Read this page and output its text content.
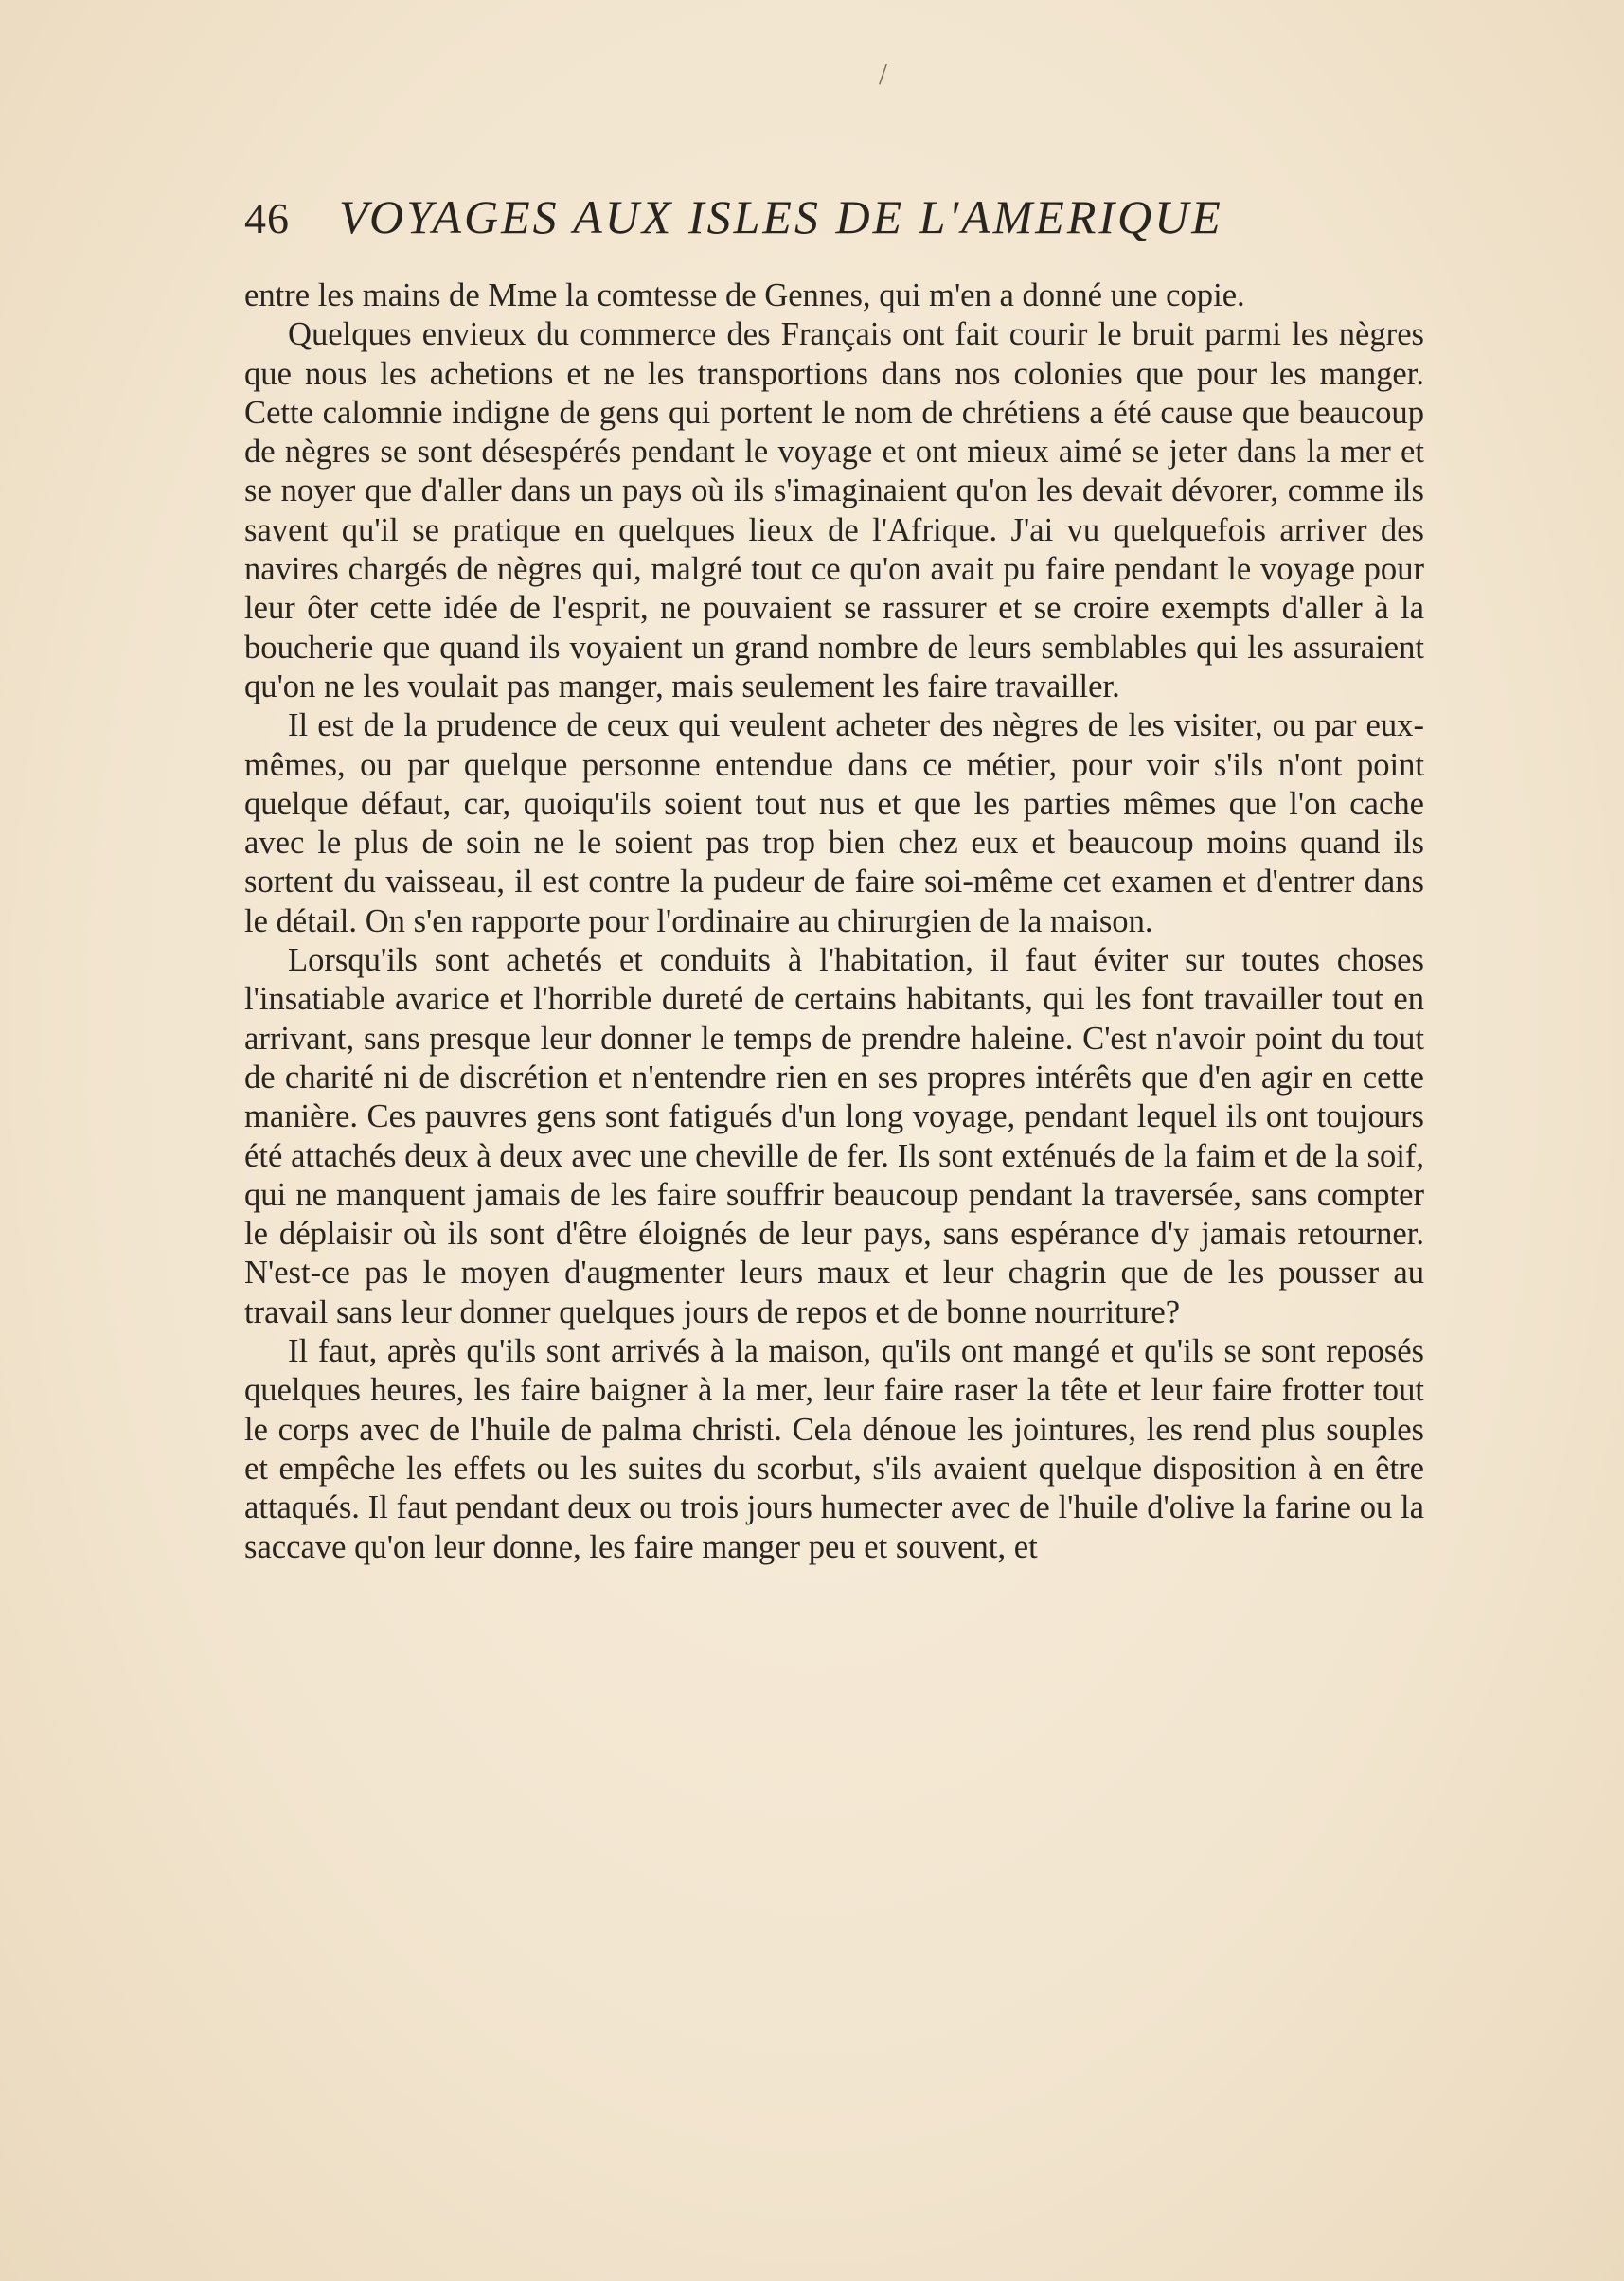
/
46	VOYAGES AUX ISLES DE L'AMERIQUE

entre les mains de Mme la comtesse de Gennes, qui m'en a donné une copie.

Quelques envieux du commerce des Français ont fait courir le bruit parmi les nègres que nous les achetions et ne les transportions dans nos colonies que pour les manger. Cette calomnie indigne de gens qui portent le nom de chrétiens a été cause que beaucoup de nègres se sont désespérés pendant le voyage et ont mieux aimé se jeter dans la mer et se noyer que d'aller dans un pays où ils s'imaginaient qu'on les devait dévorer, comme ils savent qu'il se pratique en quelques lieux de l'Afrique. J'ai vu quelquefois arriver des navires chargés de nègres qui, malgré tout ce qu'on avait pu faire pendant le voyage pour leur ôter cette idée de l'esprit, ne pouvaient se rassurer et se croire exempts d'aller à la boucherie que quand ils voyaient un grand nombre de leurs semblables qui les assuraient qu'on ne les voulait pas manger, mais seulement les faire travailler.

Il est de la prudence de ceux qui veulent acheter des nègres de les visiter, ou par eux-mêmes, ou par quelque personne entendue dans ce métier, pour voir s'ils n'ont point quelque défaut, car, quoiqu'ils soient tout nus et que les parties mêmes que l'on cache avec le plus de soin ne le soient pas trop bien chez eux et beaucoup moins quand ils sortent du vaisseau, il est contre la pudeur de faire soi-même cet examen et d'entrer dans le détail. On s'en rapporte pour l'ordinaire au chirurgien de la maison.

Lorsqu'ils sont achetés et conduits à l'habitation, il faut éviter sur toutes choses l'insatiable avarice et l'horrible dureté de certains habitants, qui les font travailler tout en arrivant, sans presque leur donner le temps de prendre haleine. C'est n'avoir point du tout de charité ni de discrétion et n'entendre rien en ses propres intérêts que d'en agir en cette manière. Ces pauvres gens sont fatigués d'un long voyage, pendant lequel ils ont toujours été attachés deux à deux avec une cheville de fer. Ils sont exténués de la faim et de la soif, qui ne manquent jamais de les faire souffrir beaucoup pendant la traversée, sans compter le déplaisir où ils sont d'être éloignés de leur pays, sans espérance d'y jamais retourner. N'est-ce pas le moyen d'augmenter leurs maux et leur chagrin que de les pousser au travail sans leur donner quelques jours de repos et de bonne nourriture?

Il faut, après qu'ils sont arrivés à la maison, qu'ils ont mangé et qu'ils se sont reposés quelques heures, les faire baigner à la mer, leur faire raser la tête et leur faire frotter tout le corps avec de l'huile de palma christi. Cela dénoue les jointures, les rend plus souples et empêche les effets ou les suites du scorbut, s'ils avaient quelque disposition à en être attaqués. Il faut pendant deux ou trois jours humecter avec de l'huile d'olive la farine ou la saccave qu'on leur donne, les faire manger peu et souvent, et
